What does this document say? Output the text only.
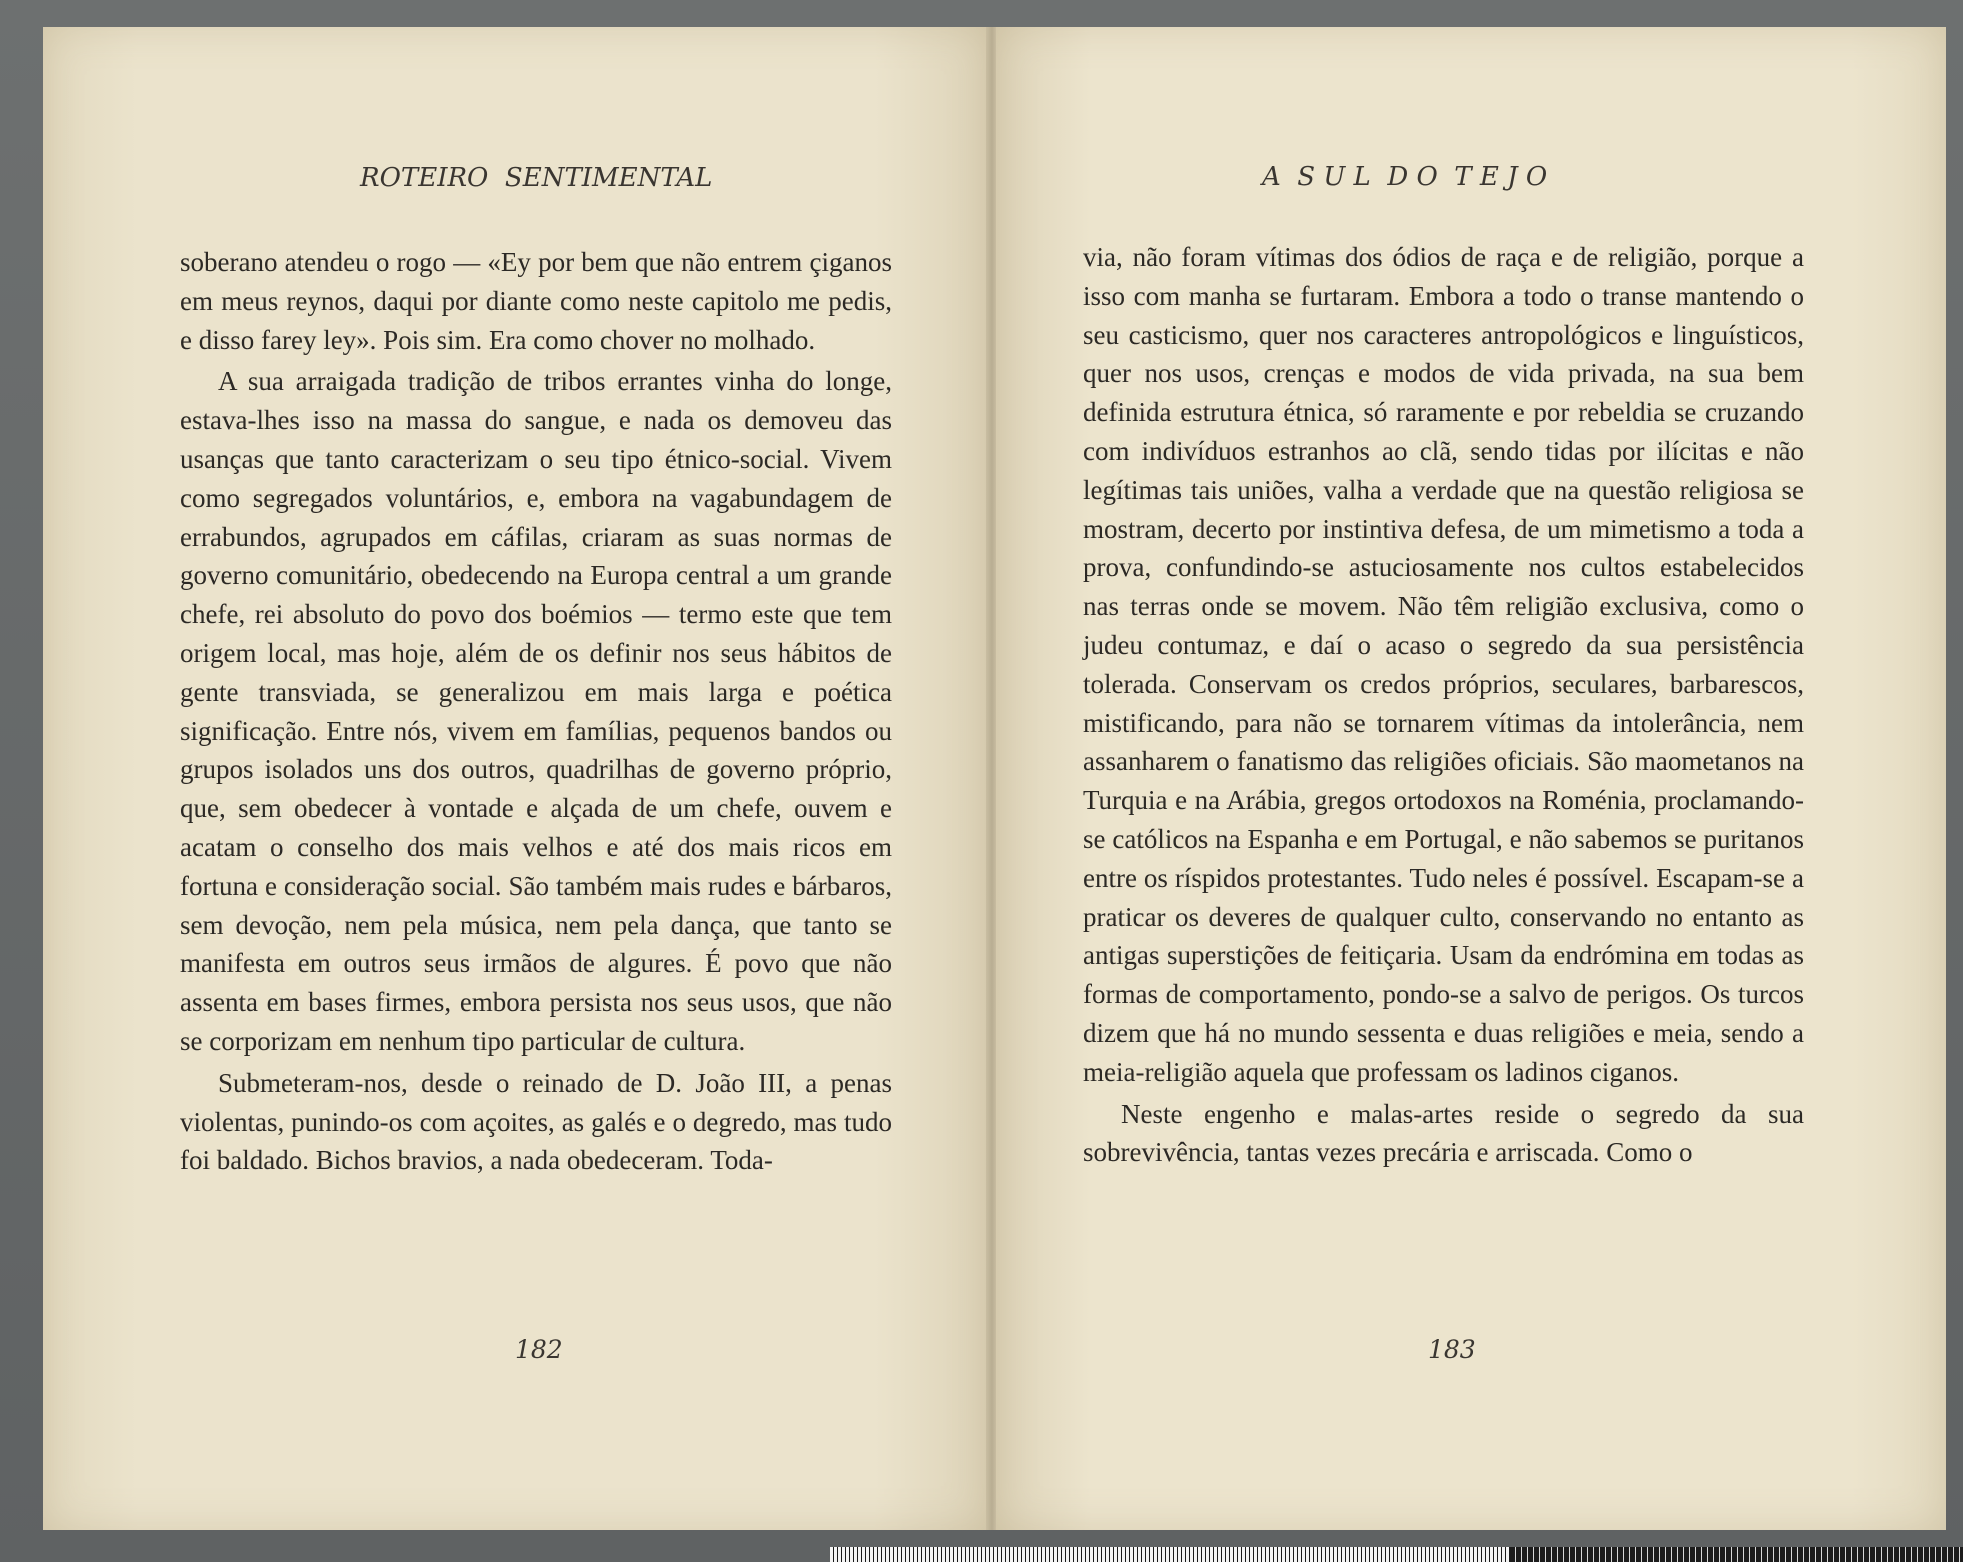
ROTEIRO  SENTIMENTAL

soberano atendeu o rogo — «Ey por bem que não entrem çiganos em meus reynos, daqui por diante como neste capitolo me pedis, e disso farey ley». Pois sim. Era como chover no molhado.

A sua arraigada tradição de tribos errantes vinha do longe, estava-lhes isso na massa do sangue, e nada os demoveu das usanças que tanto caracterizam o seu tipo étnico-social. Vivem como segregados voluntários, e, embora na vagabundagem de errabundos, agrupados em cáfilas, criaram as suas normas de governo comunitário, obedecendo na Europa central a um grande chefe, rei absoluto do povo dos boémios — termo este que tem origem local, mas hoje, além de os definir nos seus hábitos de gente transviada, se generalizou em mais larga e poética significação. Entre nós, vivem em famílias, pequenos bandos ou grupos isolados uns dos outros, quadrilhas de governo próprio, que, sem obedecer à vontade e alçada de um chefe, ouvem e acatam o conselho dos mais velhos e até dos mais ricos em fortuna e consideração social. São também mais rudes e bárbaros, sem devoção, nem pela música, nem pela dança, que tanto se manifesta em outros seus irmãos de algures. É povo que não assenta em bases firmes, embora persista nos seus usos, que não se corporizam em nenhum tipo particular de cultura.

Submeteram-nos, desde o reinado de D. João III, a penas violentas, punindo-os com açoites, as galés e o degredo, mas tudo foi baldado. Bichos bravios, a nada obedeceram. Toda-

182
A  S U L  D O  T E J O

via, não foram vítimas dos ódios de raça e de religião, porque a isso com manha se furtaram. Embora a todo o transe mantendo o seu casticismo, quer nos caracteres antropológicos e linguísticos, quer nos usos, crenças e modos de vida privada, na sua bem definida estrutura étnica, só raramente e por rebeldia se cruzando com indivíduos estranhos ao clã, sendo tidas por ilícitas e não legítimas tais uniões, valha a verdade que na questão religiosa se mostram, decerto por instintiva defesa, de um mimetismo a toda a prova, confundindo-se astuciosamente nos cultos estabelecidos nas terras onde se movem. Não têm religião exclusiva, como o judeu contumaz, e daí o acaso o segredo da sua persistência tolerada. Conservam os credos próprios, seculares, barbarescos, mistificando, para não se tornarem vítimas da intolerância, nem assanharem o fanatismo das religiões oficiais. São maometanos na Turquia e na Arábia, gregos ortodoxos na Roménia, proclamando-se católicos na Espanha e em Portugal, e não sabemos se puritanos entre os ríspidos protestantes. Tudo neles é possível. Escapam-se a praticar os deveres de qualquer culto, conservando no entanto as antigas superstições de feitiçaria. Usam da endrómina em todas as formas de comportamento, pondo-se a salvo de perigos. Os turcos dizem que há no mundo sessenta e duas religiões e meia, sendo a meia-religião aquela que professam os ladinos ciganos.

Neste engenho e malas-artes reside o segredo da sua sobrevivência, tantas vezes precária e arriscada. Como o

183
